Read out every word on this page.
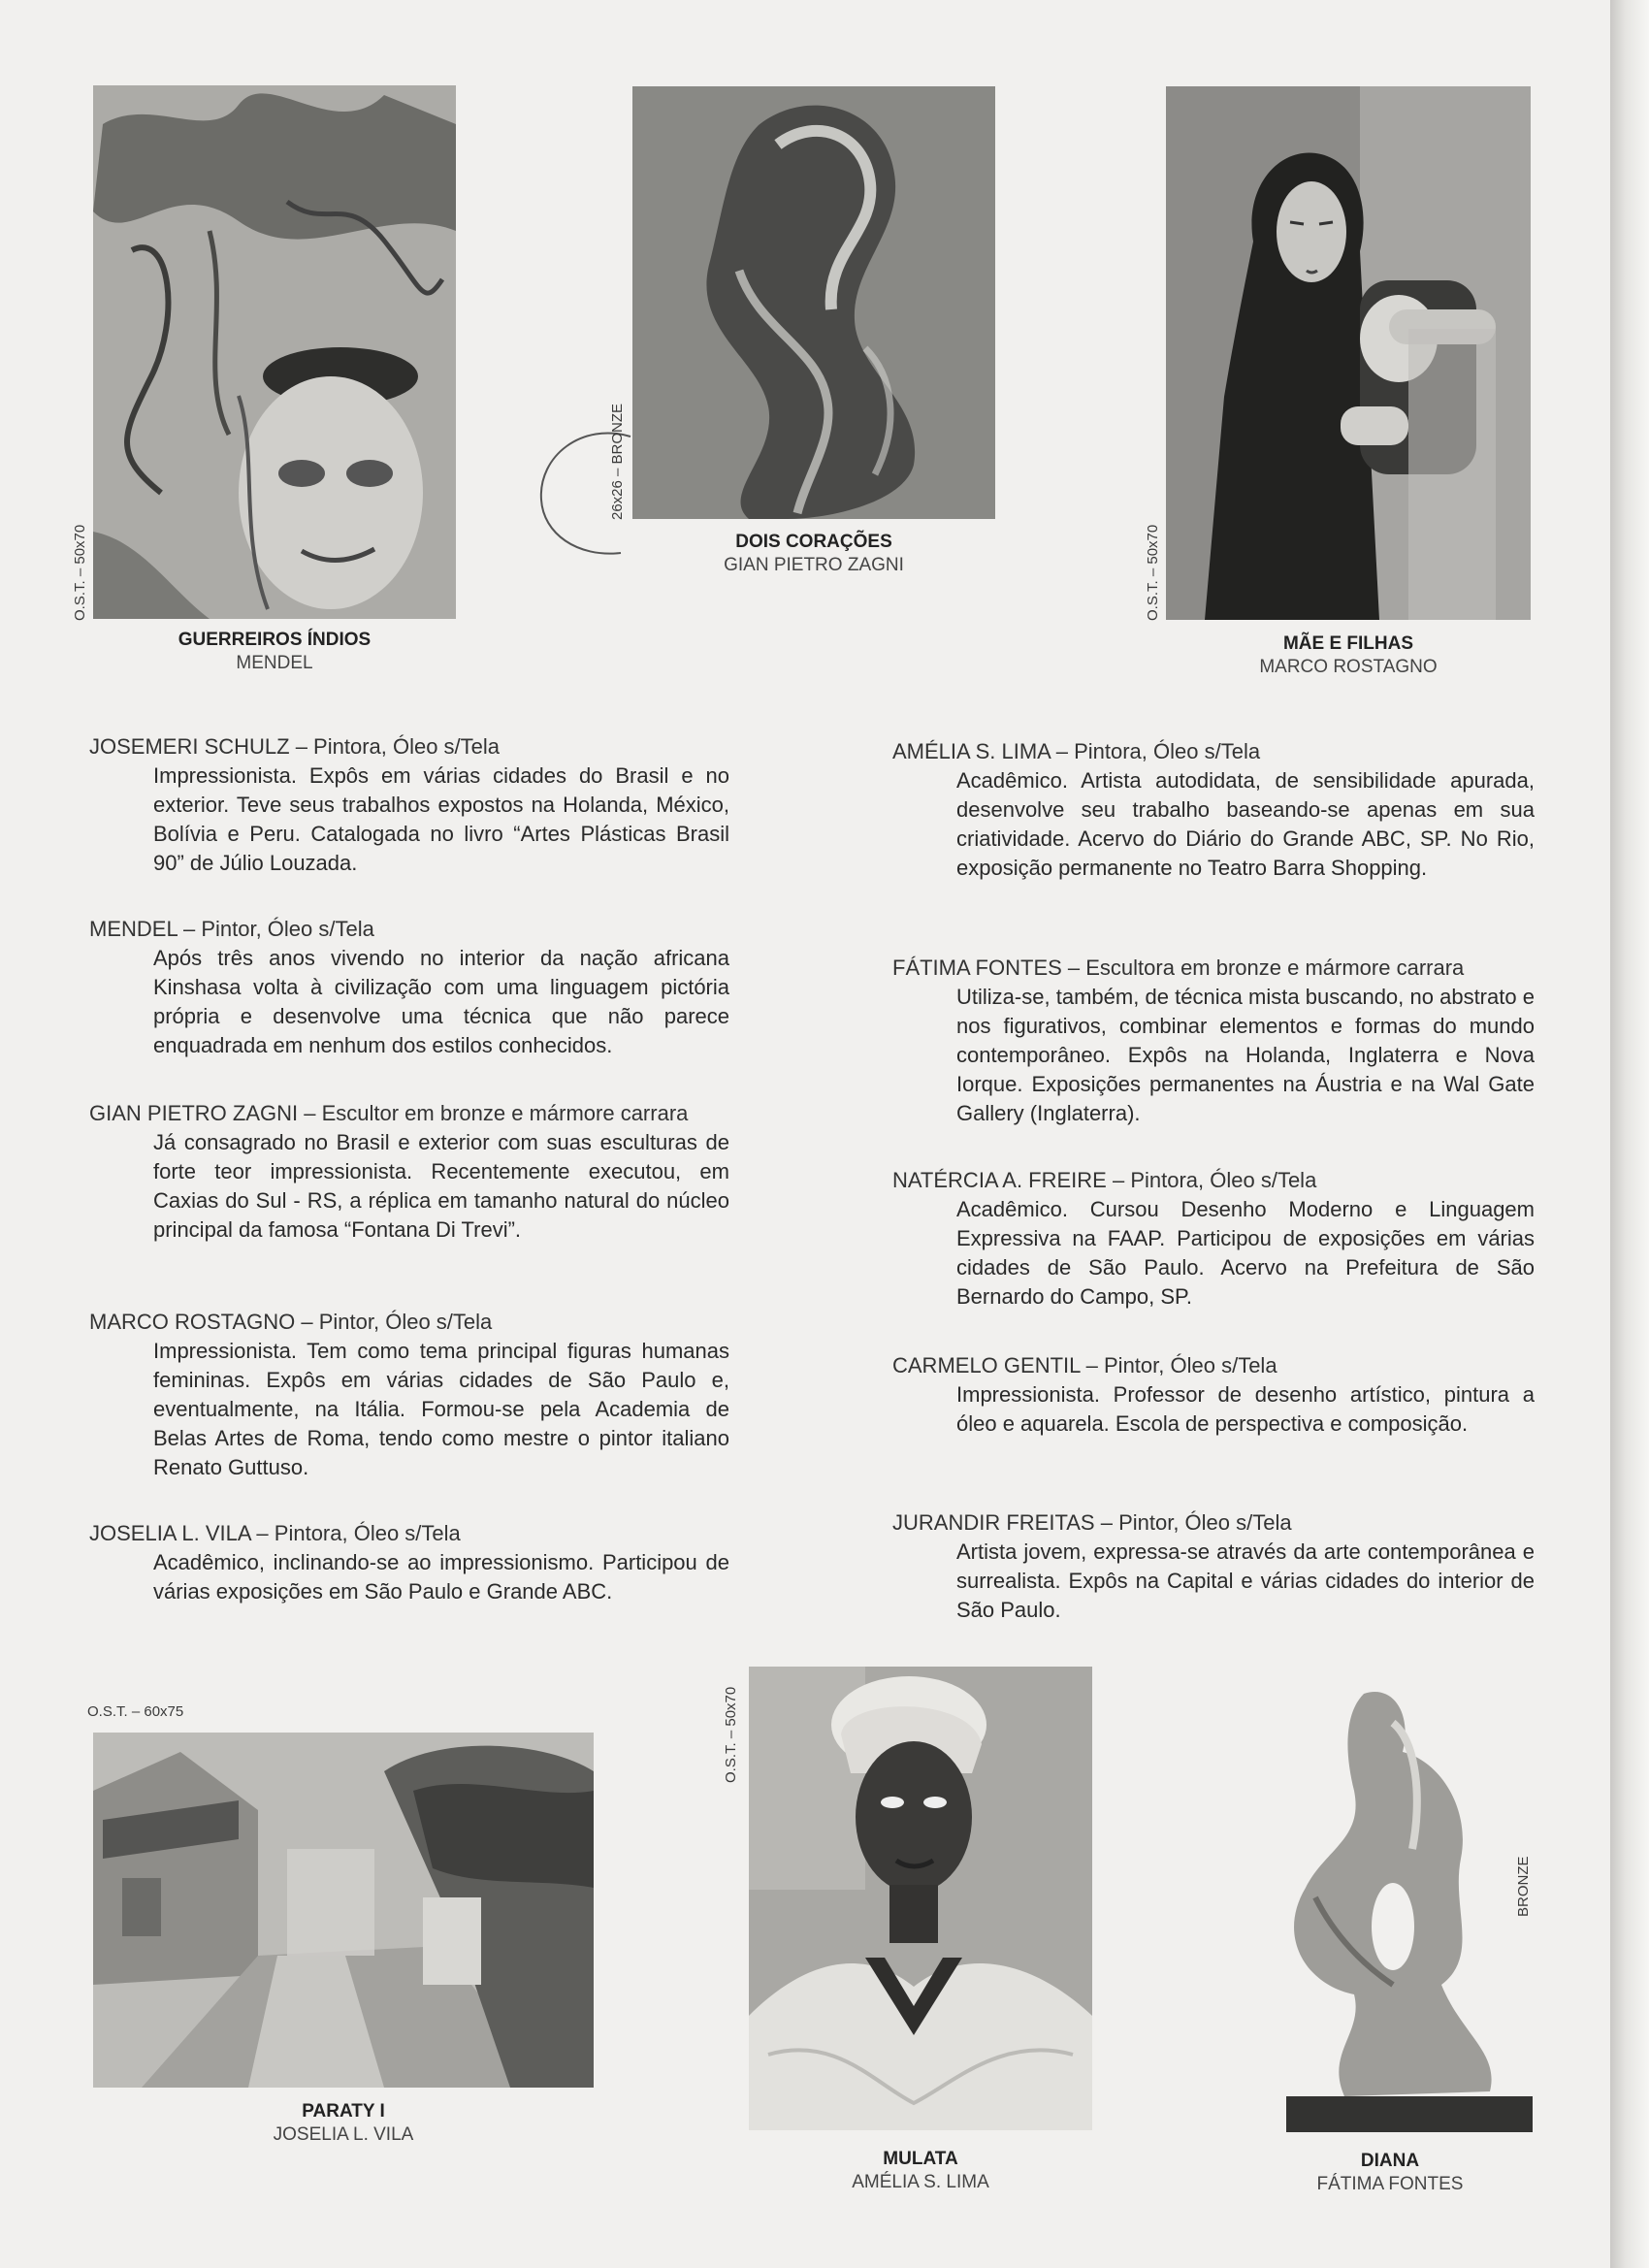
O.S.T. – 50x70
GUERREIROS ÍNDIOS
MENDEL
26x26 – BRONZE
DOIS CORAÇÕES
GIAN PIETRO ZAGNI	O.S.T. – 50x70
MÃE E FILHAS
MARCO ROSTAGNO
JOSEMERI SCHULZ – Pintora, Óleo s/Tela
Impressionista. Expôs em várias cidades do Brasil e no exterior. Teve seus trabalhos expostos na Holanda, México, Bolívia e Peru. Catalogada no livro “Artes Plásticas Brasil 90” de Júlio Louzada.
MENDEL – Pintor, Óleo s/Tela
Após três anos vivendo no interior da nação africana Kinshasa volta à civilização com uma linguagem pictória própria e desenvolve uma técnica que não parece enquadrada em nenhum dos estilos conhecidos.
GIAN PIETRO ZAGNI – Escultor em bronze e mármore carrara
Já consagrado no Brasil e exterior com suas esculturas de forte teor impressionista. Recentemente executou, em Caxias do Sul - RS, a réplica em tamanho natural do núcleo principal da famosa “Fontana Di Trevi”.
MARCO ROSTAGNO – Pintor, Óleo s/Tela
Impressionista. Tem como tema principal figuras humanas femininas. Expôs em várias cidades de São Paulo e, eventualmente, na Itália. Formou-se pela Academia de Belas Artes de Roma, tendo como mestre o pintor italiano Renato Guttuso.
JOSELIA L. VILA – Pintora, Óleo s/Tela
Acadêmico, inclinando-se ao impressionismo. Participou de várias exposições em São Paulo e Grande ABC.
AMÉLIA S. LIMA – Pintora, Óleo s/Tela
Acadêmico. Artista autodidata, de sensibilidade apurada, desenvolve seu trabalho baseando-se apenas em sua criatividade. Acervo do Diário do Grande ABC, SP. No Rio, exposição permanente no Teatro Barra Shopping.
FÁTIMA FONTES – Escultora em bronze e mármore carrara
Utiliza-se, também, de técnica mista buscando, no abstrato e nos figurativos, combinar elementos e formas do mundo contemporâneo. Expôs na Holanda, Inglaterra e Nova Iorque. Exposições permanentes na Áustria e na Wal Gate Gallery (Inglaterra).
NATÉRCIA A. FREIRE – Pintora, Óleo s/Tela
Acadêmico. Cursou Desenho Moderno e Linguagem Expressiva na FAAP. Participou de exposições em várias cidades de São Paulo. Acervo na Prefeitura de São Bernardo do Campo, SP.
CARMELO GENTIL – Pintor, Óleo s/Tela
Impressionista. Professor de desenho artístico, pintura a óleo e aquarela. Escola de perspectiva e composição.
JURANDIR FREITAS – Pintor, Óleo s/Tela
Artista jovem, expressa-se através da arte contemporânea e surrealista. Expôs na Capital e várias cidades do interior de São Paulo.
O.S.T. – 60x75
PARATY I
JOSELIA L. VILA
O.S.T. – 50x70
MULATA
AMÉLIA S. LIMA
BRONZE
DIANA
FÁTIMA FONTES
